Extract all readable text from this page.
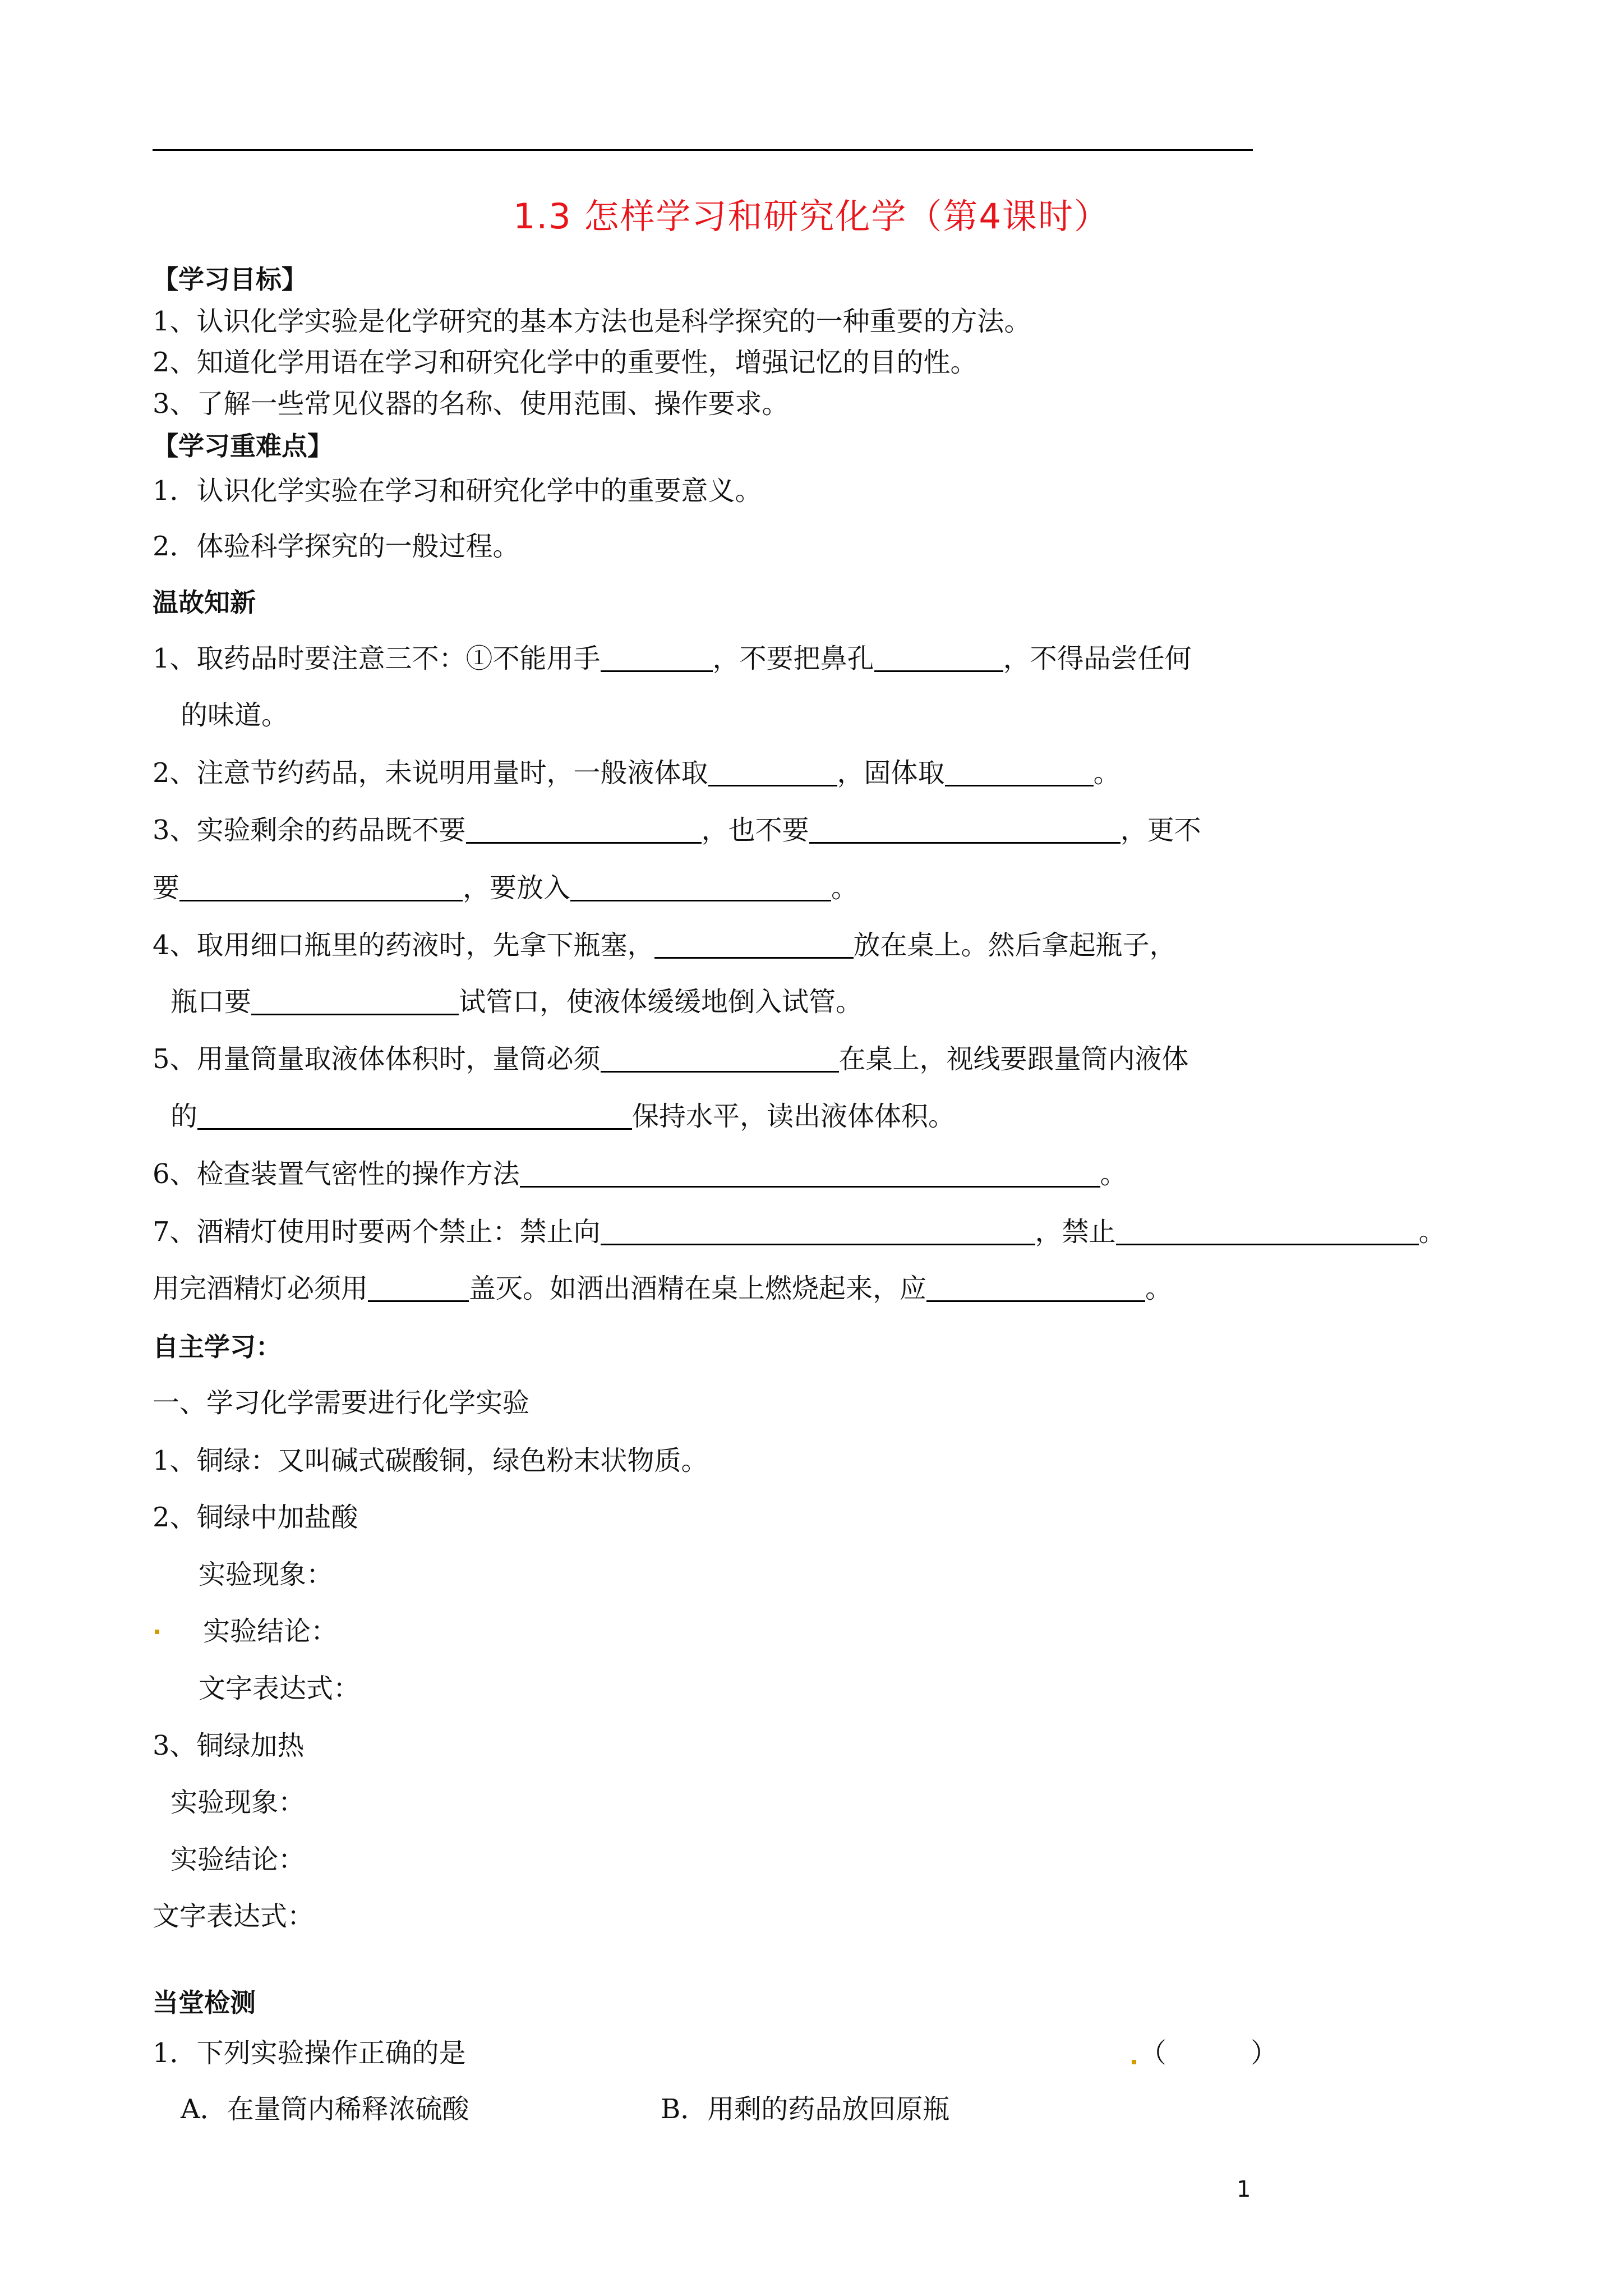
1.3 怎样学习和研究化学（第4课时）
【学习目标】
1、认识化学实验是化学研究的基本方法也是科学探究的一种重要的方法。
2、知道化学用语在学习和研究化学中的重要性，增强记忆的目的性。
3、了解一些常见仪器的名称、使用范围、操作要求。
【学习重难点】
1．认识化学实验在学习和研究化学中的重要意义。
2．体验科学探究的一般过程。
温故知新
1、取药品时要注意三不：①不能用手	，不要把鼻孔	，不得品尝任何
的味道。
2、注意节约药品，未说明用量时，一般液体取	，固体取	。
3、实验剩余的药品既不要	，也不要	，更不
要	，要放入	。
4、取用细口瓶里的药液时，先拿下瓶塞，	放在桌上。然后拿起瓶子，
瓶口要	试管口，使液体缓缓地倒入试管。
5、用量筒量取液体体积时，量筒必须	在桌上，视线要跟量筒内液体
的	保持水平，读出液体体积。
6、检查装置气密性的操作方法	。
7、酒精灯使用时要两个禁止：禁止向	，禁止	。
用完酒精灯必须用	盖灭。如洒出酒精在桌上燃烧起来，应	。
自主学习：
一、学习化学需要进行化学实验
1、铜绿：又叫碱式碳酸铜，绿色粉末状物质。
2、铜绿中加盐酸
实验现象：
实验结论：
文字表达式：
3、铜绿加热
实验现象：
实验结论：
文字表达式：
当堂检测
1．下列实验操作正确的是	（	）
A．在量筒内稀释浓硫酸	B．用剩的药品放回原瓶
1
